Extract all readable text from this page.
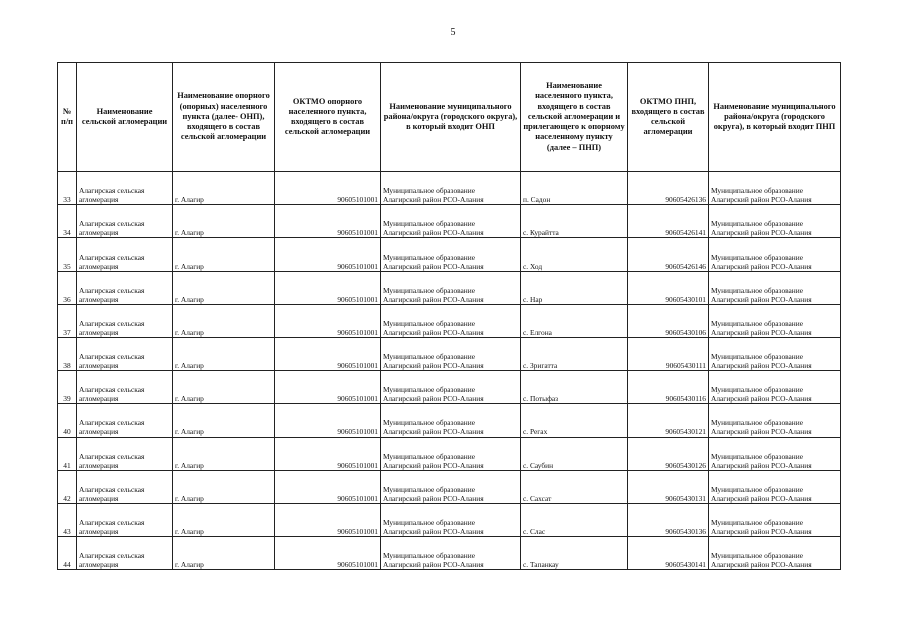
5
№ п/п	Наименование сельской агломерации	Наименование опорного (опорных) населенного пункта (далее- ОНП), входящего в состав сельской агломерации	ОКТМО опорного населенного пункта, входящего в состав сельской агломерации	Наименование муниципального района/округа (городского округа), в который входит ОНП	Наименование населенного пункта, входящего в состав сельской агломерации и прилегающего к опорному населенному пункту (далее – ПНП)	ОКТМО ПНП, входящего в состав сельской агломерации	Наименование муниципального района/округа (городского округа), в который входит ПНП
33	Алагирская сельская
агломерация	г. Алагир	90605101001	Муниципальное образование
Алагирский район РСО-Алания	п. Сaдон	90605426136	Муниципальное образование
Алагирский район РСО-Алания

34	Алагирская сельская
агломерация	г. Алагир	90605101001	Муниципальное образование
Алагирский район РСО-Алания	с. Курайтта	90605426141	Муниципальное образование
Алагирский район РСО-Алания

35	Алагирская сельская
агломерация	г. Алагир	90605101001	Муниципальное образование
Алагирский район РСО-Алания	с. Ход	90605426146	Муниципальное образование
Алагирский район РСО-Алания

36	Алагирская сельская
агломерация	г. Алагир	90605101001	Муниципальное образование
Алагирский район РСО-Алания	с. Нар	90605430101	Муниципальное образование
Алагирский район РСО-Алания

37	Алагирская сельская
агломерация	г. Алагир	90605101001	Муниципальное образование
Алагирский район РСО-Алания	с. Елгона	90605430106	Муниципальное образование
Алагирский район РСО-Алания

38	Алагирская сельская
агломерация	г. Алагир	90605101001	Муниципальное образование
Алагирский район РСО-Алания	с. Зригатта	90605430111	Муниципальное образование
Алагирский район РСО-Алания

39	Алагирская сельская
агломерация	г. Алагир	90605101001	Муниципальное образование
Алагирский район РСО-Алания	с. Потыфаз	90605430116	Муниципальное образование
Алагирский район РСО-Алания

40	Алагирская сельская
агломерация	г. Алагир	90605101001	Муниципальное образование
Алагирский район РСО-Алания	с. Регах	90605430121	Муниципальное образование
Алагирский район РСО-Алания

41	Алагирская сельская
агломерация	г. Алагир	90605101001	Муниципальное образование
Алагирский район РСО-Алания	с. Саубин	90605430126	Муниципальное образование
Алагирский район РСО-Алания

42	Алагирская сельская
агломерация	г. Алагир	90605101001	Муниципальное образование
Алагирский район РСО-Алания	с. Сахсат	90605430131	Муниципальное образование
Алагирский район РСО-Алания

43	Алагирская сельская
агломерация	г. Алагир	90605101001	Муниципальное образование
Алагирский район РСО-Алания	с. Слас	90605430136	Муниципальное образование
Алагирский район РСО-Алания

44	Алагирская сельская
агломерация	г. Алагир	90605101001	Муниципальное образование
Алагирский район РСО-Алания	с. Тапанкау	90605430141	Муниципальное образование
Алагирский район РСО-Алания
